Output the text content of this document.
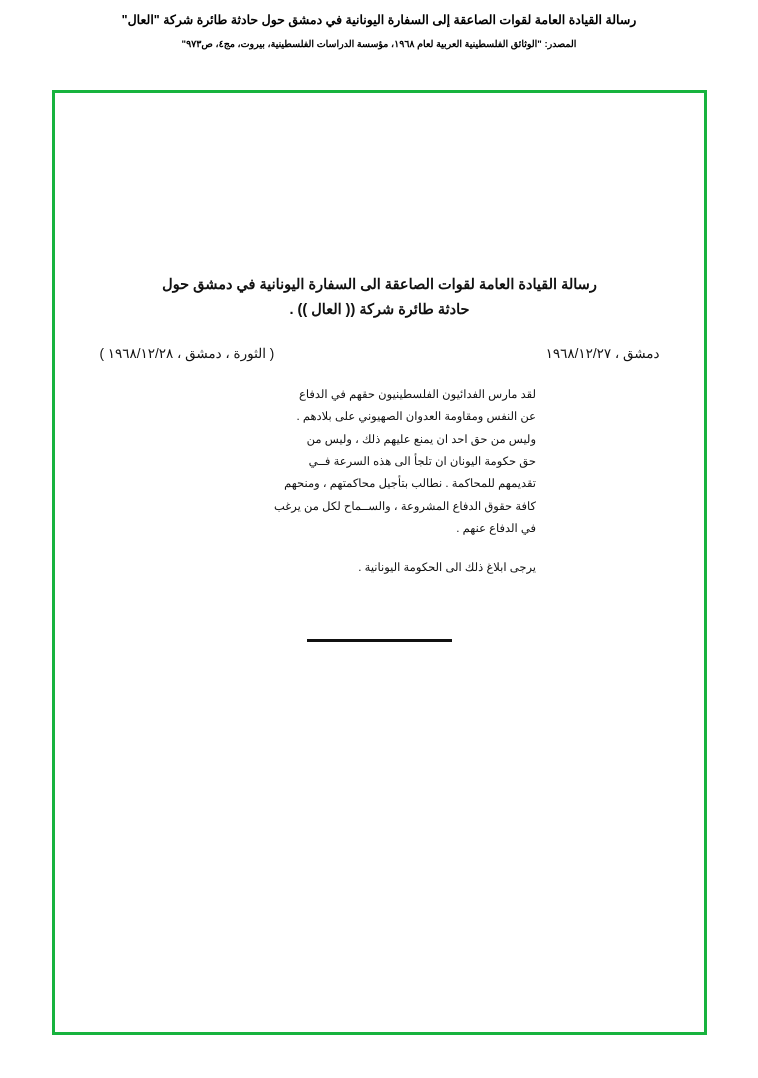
رسالة القيادة العامة لقوات الصاعقة إلى السفارة اليونانية في دمشق حول حادثة طائرة شركة "العال"
المصدر: "الوثائق الفلسطينية العربية لعام ١٩٦٨، مؤسسة الدراسات الفلسطينية، بيروت، مج٤، ص٩٧٣"
رسالة القيادة العامة لقوات الصاعقة الى السفارة اليونانية في دمشق حول
حادثة طائرة شركة (( العال )) .
دمشق ، ١٩٦٨/١٢/٢٧
( الثورة ، دمشق ، ١٩٦٨/١٢/٢٨ )

لقد مارس الفدائيون الفلسطينيون حقهم في الدفاع
عن النفس ومقاومة العدوان الصهيوني على بلادهم .
وليس من حق احد ان يمنع عليهم ذلك ، وليس من
حق حكومة اليونان ان تلجأ الى هذه السرعة فــي
تقديمهم للمحاكمة . نطالب بتأجيل محاكمتهم ، ومنحهم
كافة حقوق الدفاع المشروعة ، والســماح لكل من يرغب
في الدفاع عنهم .

يرجى ابلاغ ذلك الى الحكومة اليونانية .
